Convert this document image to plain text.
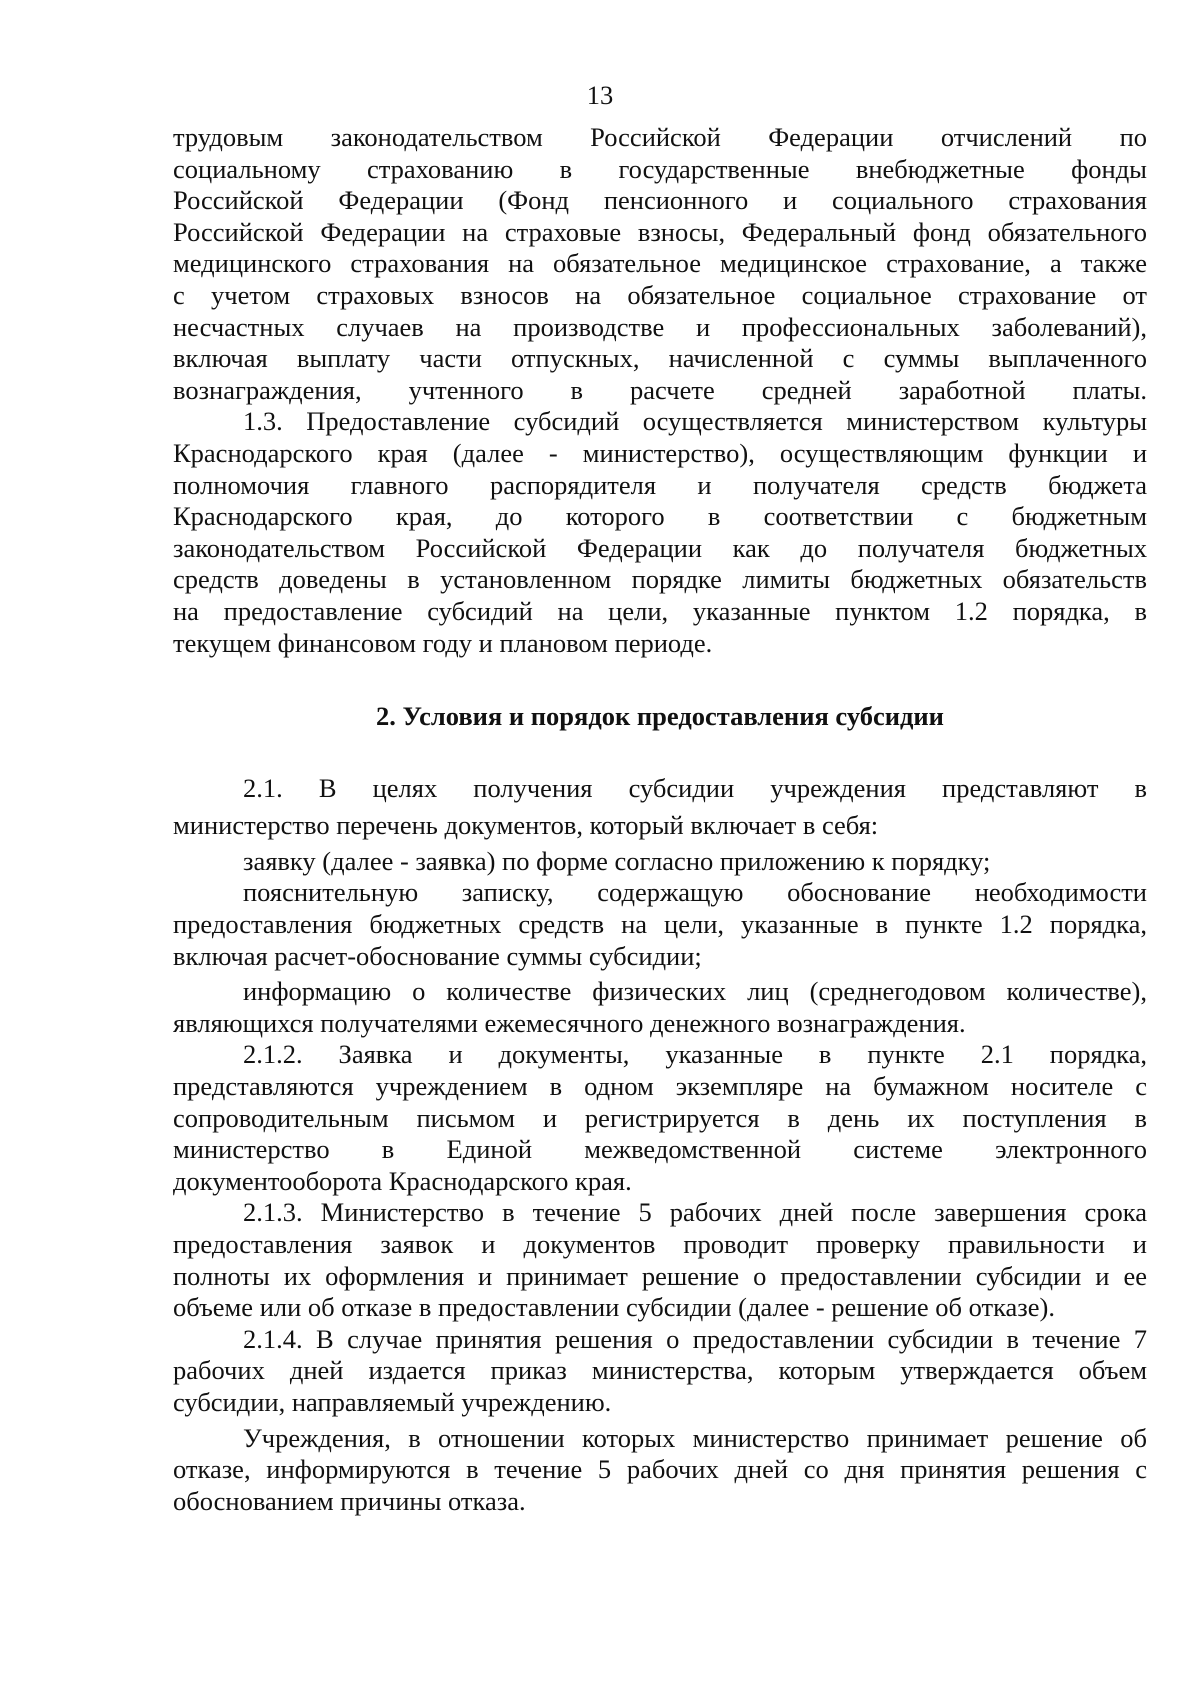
13
трудовым законодательством Российской Федерации отчислений по
социальному страхованию в государственные внебюджетные фонды
Российской Федерации (Фонд пенсионного и социального страхования
Российской Федерации на страховые взносы, Федеральный фонд обязательного
медицинского страхования на обязательное медицинское страхование, а также
с учетом страховых взносов на обязательное социальное страхование от
несчастных случаев на производстве и профессиональных заболеваний),
включая выплату части отпускных, начисленной с суммы выплаченного
вознаграждения, учтенного в расчете средней заработной платы.
1.3. Предоставление субсидий осуществляется министерством культуры
Краснодарского края (далее - министерство), осуществляющим функции и
полномочия главного распорядителя и получателя средств бюджета
Краснодарского края, до которого в соответствии с бюджетным
законодательством Российской Федерации как до получателя бюджетных
средств доведены в установленном порядке лимиты бюджетных обязательств
на предоставление субсидий на цели, указанные пунктом 1.2 порядка, в
текущем финансовом году и плановом периоде.
2. Условия и порядок предоставления субсидии
2.1. В целях получения субсидии учреждения представляют в
министерство перечень документов, который включает в себя:
заявку (далее - заявка) по форме согласно приложению к порядку;
пояснительную записку, содержащую обоснование необходимости
предоставления бюджетных средств на цели, указанные в пункте 1.2 порядка,
включая расчет-обоснование суммы субсидии;
информацию о количестве физических лиц (среднегодовом количестве),
являющихся получателями ежемесячного денежного вознаграждения.
2.1.2. Заявка и документы, указанные в пункте 2.1 порядка,
представляются учреждением в одном экземпляре на бумажном носителе с
сопроводительным письмом и регистрируется в день их поступления в
министерство в Единой межведомственной системе электронного
документооборота Краснодарского края.
2.1.3. Министерство в течение 5 рабочих дней после завершения срока
предоставления заявок и документов проводит проверку правильности и
полноты их оформления и принимает решение о предоставлении субсидии и ее
объеме или об отказе в предоставлении субсидии (далее - решение об отказе).
2.1.4. В случае принятия решения о предоставлении субсидии в течение 7
рабочих дней издается приказ министерства, которым утверждается объем
субсидии, направляемый учреждению.
Учреждения, в отношении которых министерство принимает решение об
отказе, информируются в течение 5 рабочих дней со дня принятия решения с
обоснованием причины отказа.
